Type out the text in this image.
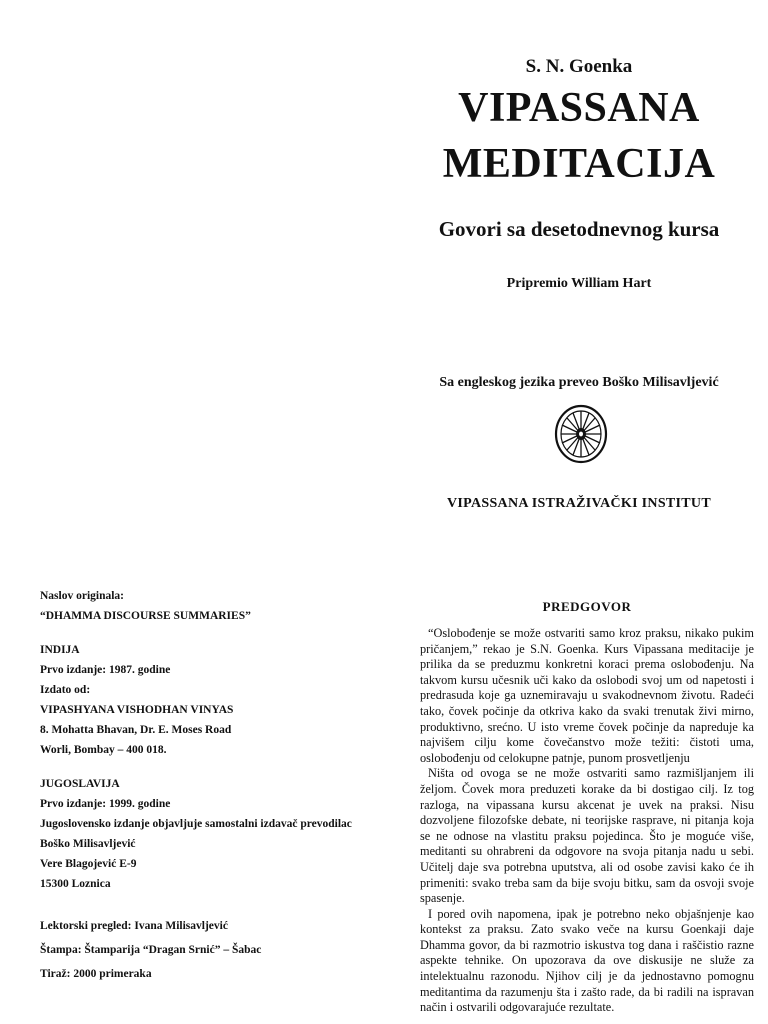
S. N. Goenka
VIPASSANA
MEDITACIJA
Govori sa desetodnevnog kursa
Pripremio William Hart
Sa engleskog jezika preveo Boško Milisavljević
VIPASSANA ISTRAŽIVAČKI INSTITUT
Naslov originala:
“DHAMMA DISCOURSE SUMMARIES”
INDIJA
Prvo izdanje: 1987. godine
Izdato od:
VIPASHYANA VISHODHAN VINYAS
8. Mohatta Bhavan, Dr. E. Moses Road
Worli, Bombay – 400 018.
JUGOSLAVIJA
Prvo izdanje: 1999. godine
Jugoslovensko izdanje objavljuje samostalni izdavač prevodilac
Boško Milisavljević
Vere Blagojević E-9
15300 Loznica
Lektorski pregled: Ivana Milisavljević
Štampa: Štamparija “Dragan Srnić” – Šabac
Tiraž: 2000 primeraka
PREDGOVOR

“Oslobođenje se može ostvariti samo kroz praksu, nikako pukim pričanjem,” rekao je S.N. Goenka. Kurs Vipassana meditacije je prilika da se preduzmu konkretni koraci prema oslobođenju. Na takvom kursu učesnik uči kako da oslobodi svoj um od napetosti i predrasuda koje ga uznemiravaju u svakodnevnom životu. Radeći tako, čovek počinje da otkriva kako da svaki trenutak živi mirno, produktivno, srećno. U isto vreme čovek počinje da napreduje ka najvišem cilju kome čovečanstvo može težiti: čistoti uma, oslobođenju od celokupne patnje, punom prosvetljenju

Ništa od ovoga se ne može ostvariti samo razmišljanjem ili željom. Čovek mora preduzeti korake da bi dostigao cilj. Iz tog razloga, na vipassana kursu akcenat je uvek na praksi. Nisu dozvoljene filozofske debate, ni teorijske rasprave, ni pitanja koja se ne odnose na vlastitu praksu pojedinca. Što je moguće više, meditanti su ohrabreni da odgovore na svoja pitanja nadu u sebi. Učitelj daje sva potrebna uputstva, ali od osobe zavisi kako će ih primeniti: svako treba sam da bije svoju bitku, sam da osvoji svoje spasenje.

I pored ovih napomena, ipak je potrebno neko objašnjenje kao kontekst za praksu. Zato svako veče na kursu Goenkaji daje Dhamma govor, da bi razmotrio iskustva tog dana i raščistio razne aspekte tehnike. On upozorava da ove diskusije ne služe za intelektualnu razonodu. Njihov cilj je da jednostavno pomognu meditantima da razumenju šta i zašto rade, da bi radili na ispravan način i ostvarili odgovarajuće rezultate.
